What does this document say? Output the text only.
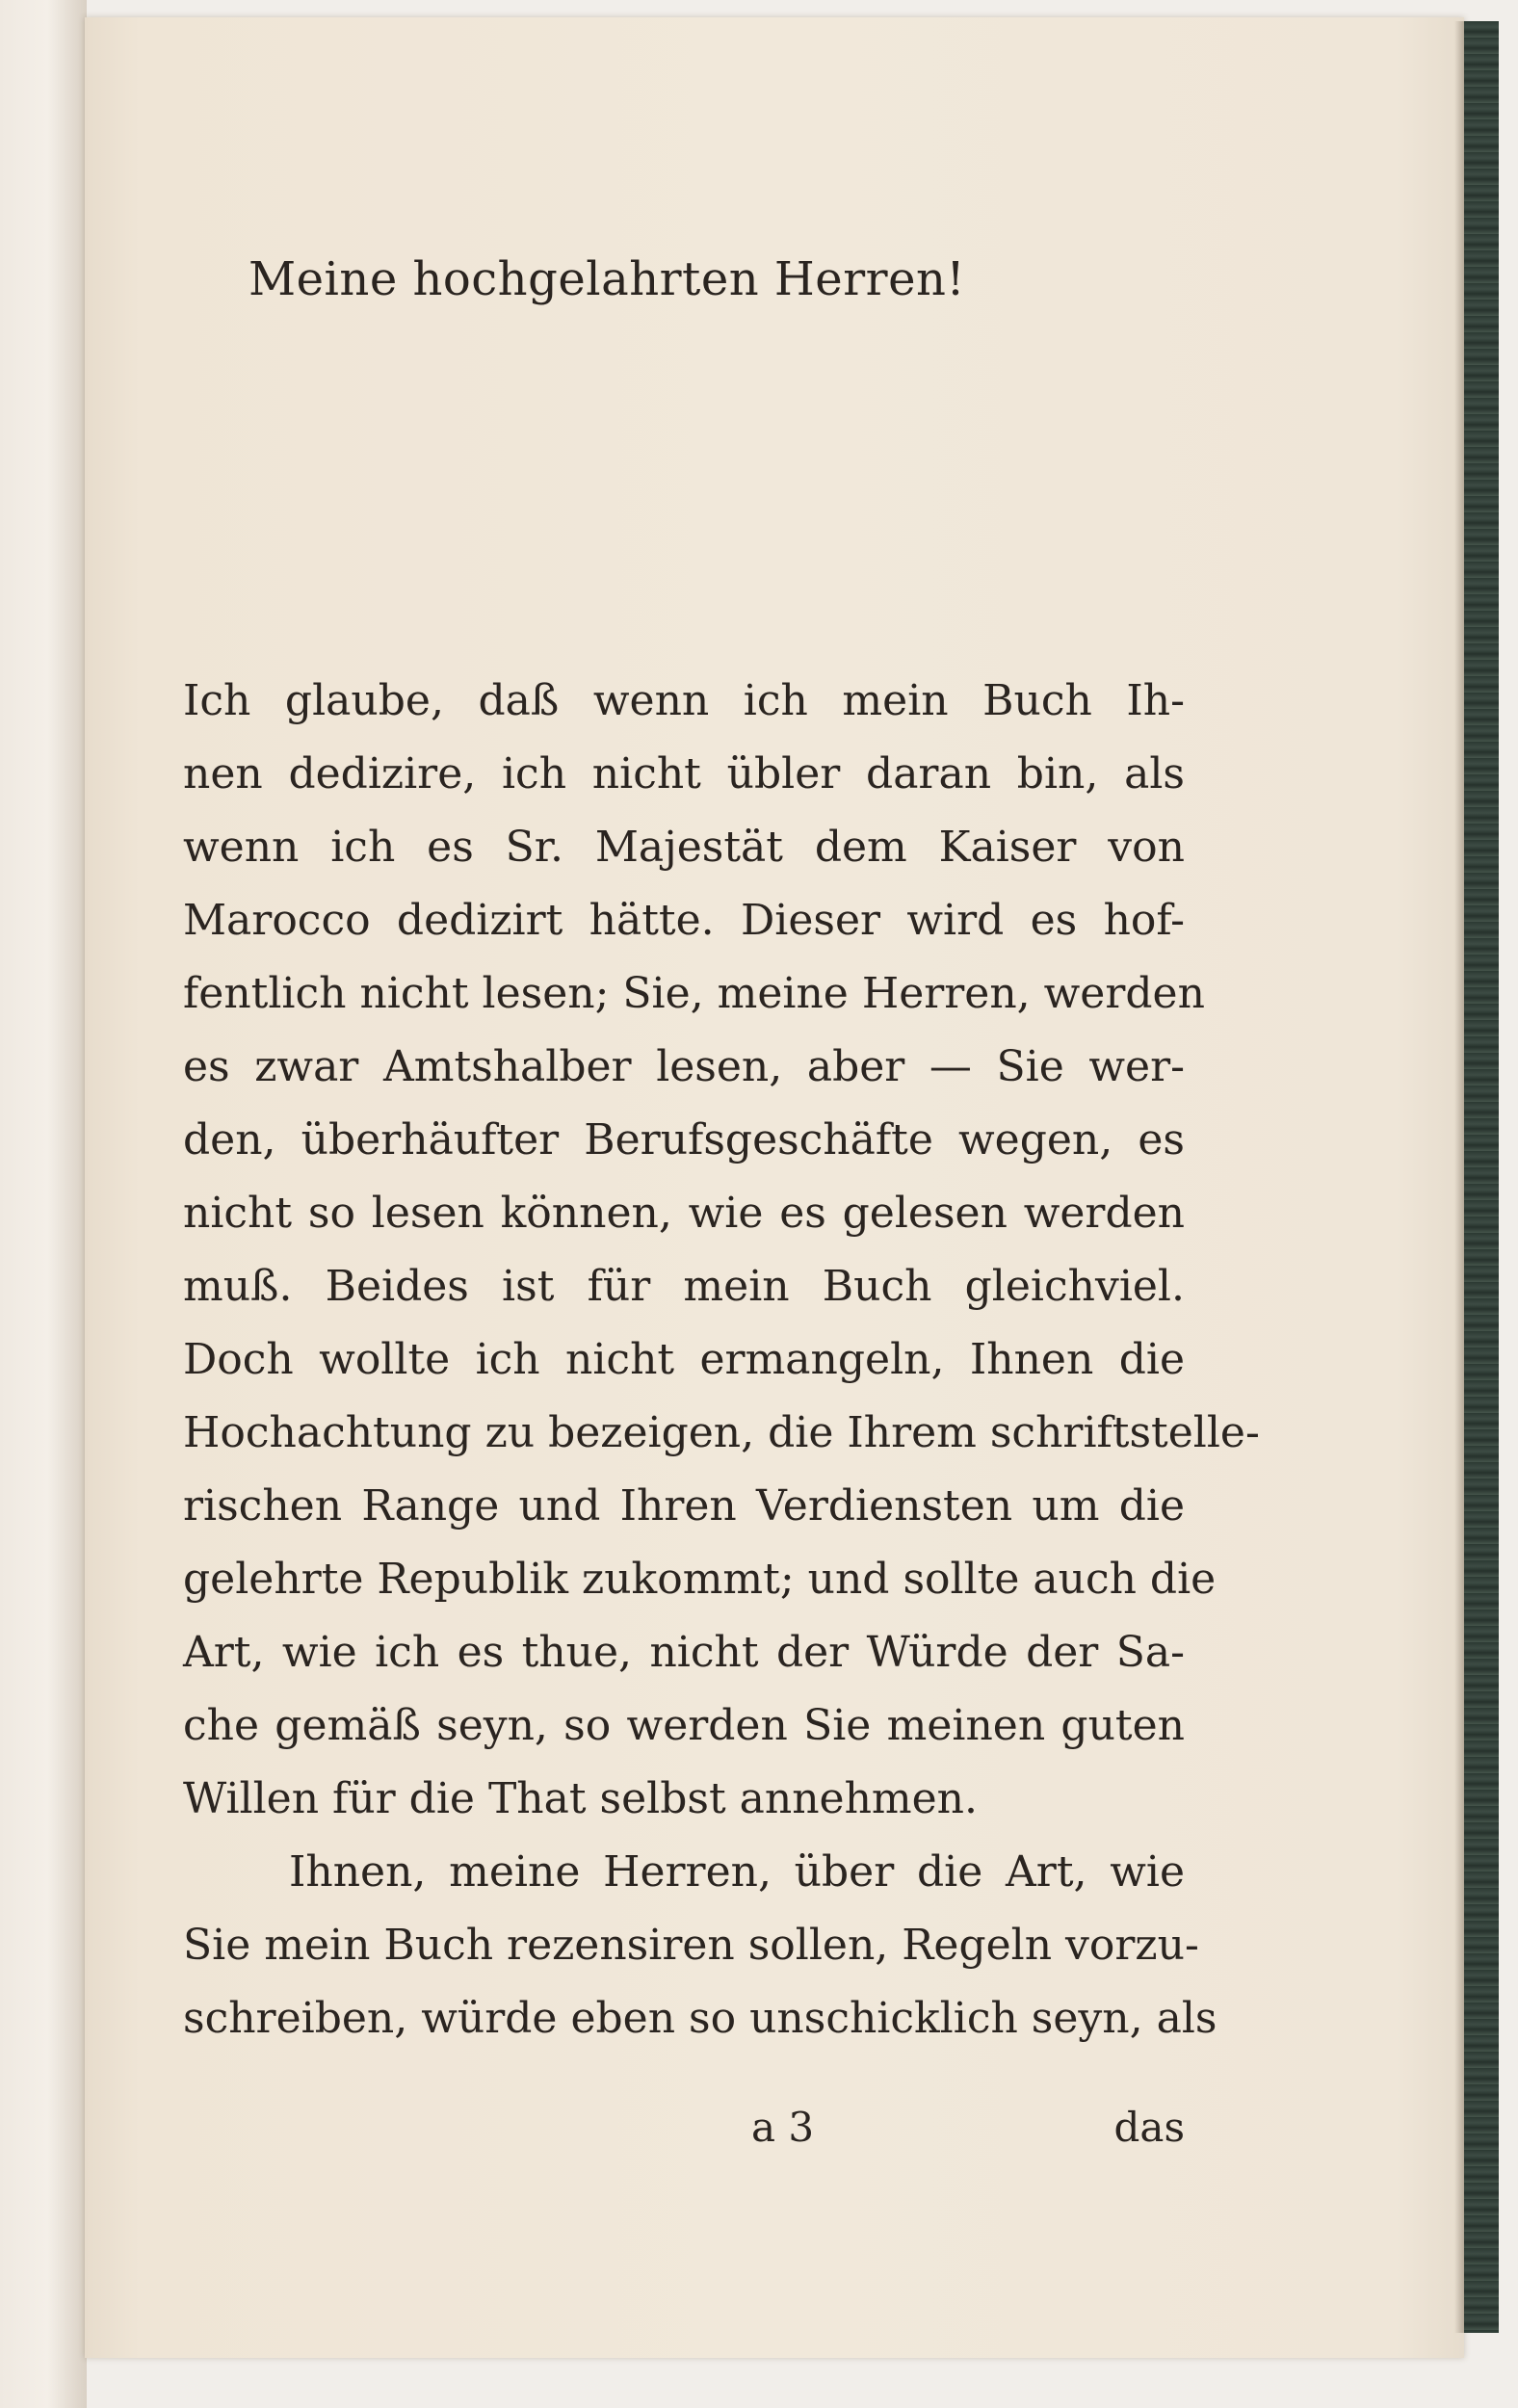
Meine hochgelahrten Herren!
Ich glaube, daß wenn ich mein Buch Ih-
nen dedizire, ich nicht übler daran bin, als
wenn ich es Sr. Majestät dem Kaiser von
Marocco dedizirt hätte. Dieser wird es hof-
fentlich nicht lesen; Sie, meine Herren, werden
es zwar Amtshalber lesen, aber — Sie wer-
den, überhäufter Berufsgeschäfte wegen, es
nicht so lesen können, wie es gelesen werden
muß. Beides ist für mein Buch gleichviel.
Doch wollte ich nicht ermangeln, Ihnen die
Hochachtung zu bezeigen, die Ihrem schriftstelle-
rischen Range und Ihren Verdiensten um die
gelehrte Republik zukommt; und sollte auch die
Art, wie ich es thue, nicht der Würde der Sa-
che gemäß seyn, so werden Sie meinen guten
Willen für die That selbst annehmen.
Ihnen, meine Herren, über die Art, wie
Sie mein Buch rezensiren sollen, Regeln vorzu-
schreiben, würde eben so unschicklich seyn, als
a 3	das
